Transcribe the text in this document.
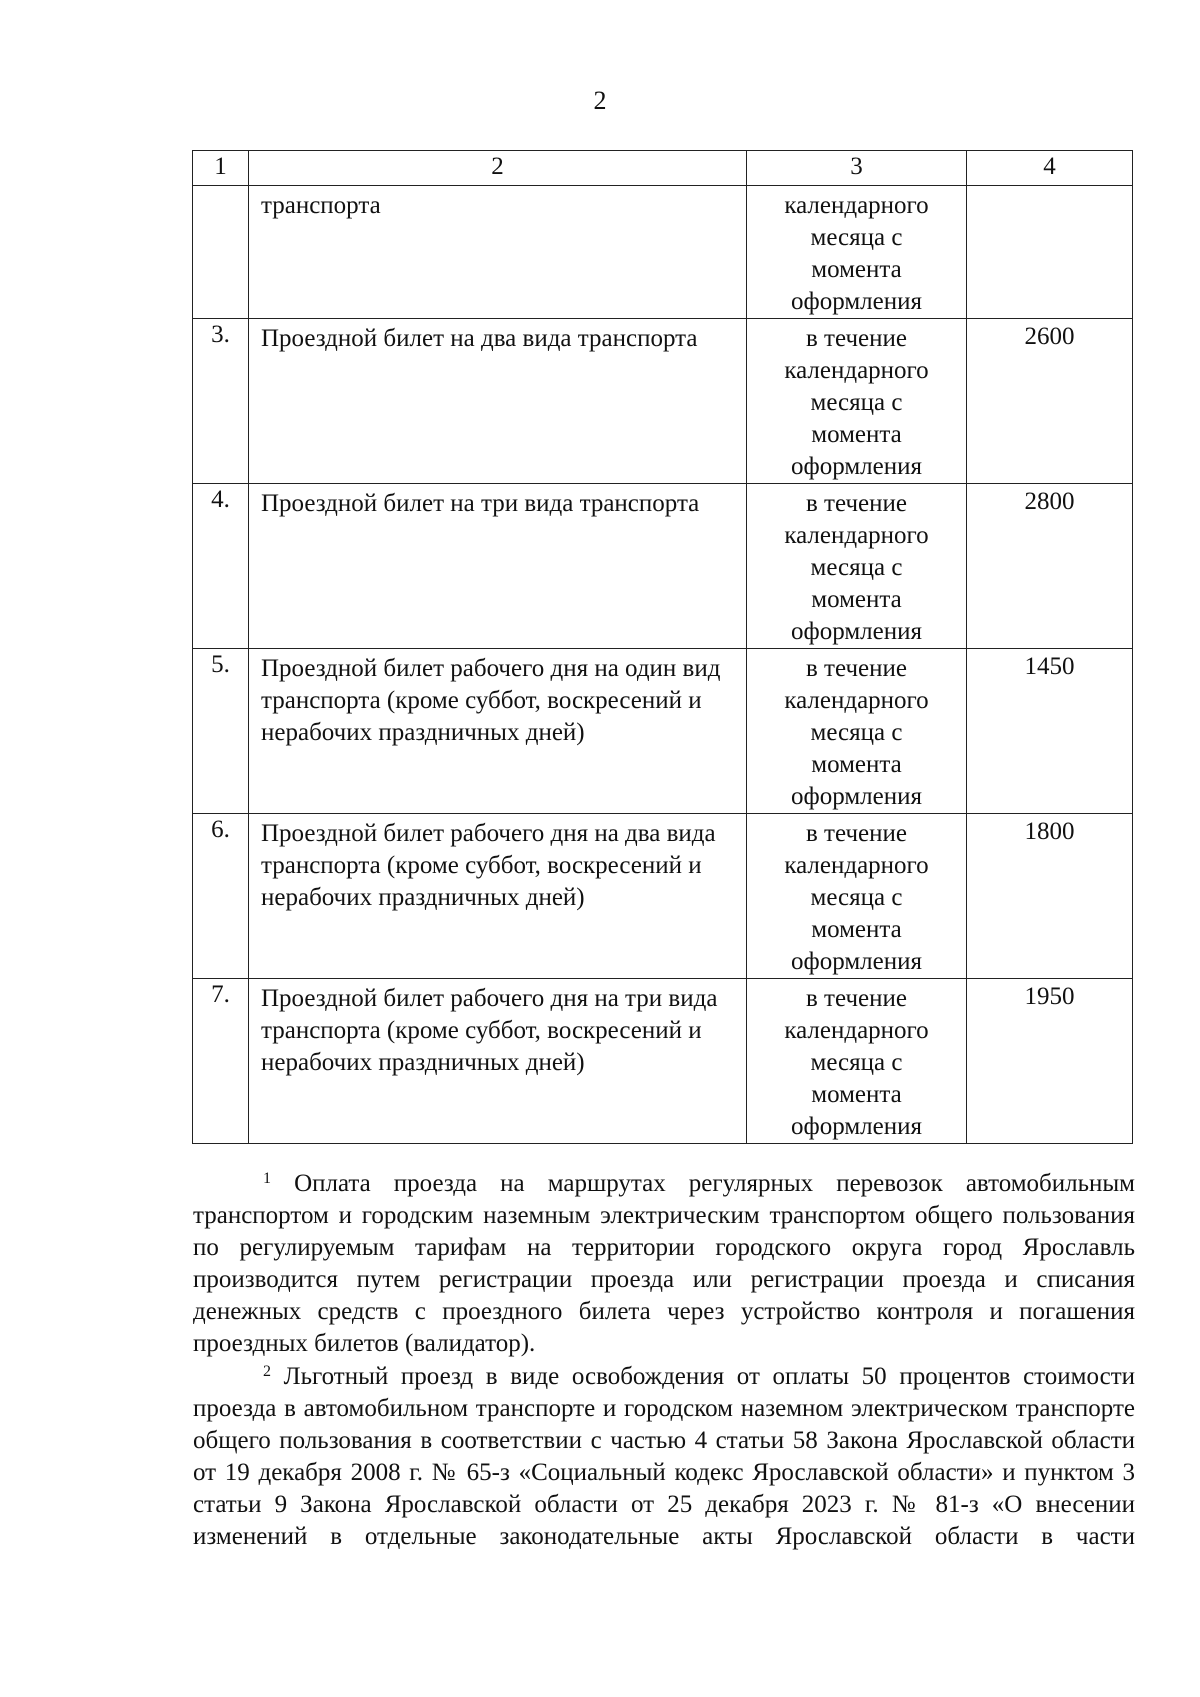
2
1	2	3	4
	транспорта	календарного
месяца с
момента
оформления	

3.	Проездной билет на два вида транспорта	в течение
календарного
месяца с
момента
оформления	2600
4.	Проездной билет на три вида транспорта	в течение
календарного
месяца с
момента
оформления	2800
5.	Проездной билет рабочего дня на один вид транспорта (кроме суббот, воскресений и нерабочих праздничных дней)	в течение
календарного
месяца с
момента
оформления	1450
6.	Проездной билет рабочего дня на два вида транспорта (кроме суббот, воскресений и нерабочих праздничных дней)	в течение
календарного
месяца с
момента
оформления	1800
7.	Проездной билет рабочего дня на три вида транспорта (кроме суббот, воскресений и нерабочих праздничных дней)	в течение
календарного
месяца с
момента
оформления	1950

$^1$ Оплата проезда на маршрутах регулярных перевозок автомобильным транспортом и городским наземным электрическим транспортом общего пользования по регулируемым тарифам на территории городского округа город Ярославль производится путем регистрации проезда или регистрации проезда и списания денежных средств с проездного билета через устройство контроля и погашения проездных билетов (валидатор).

$^2$ Льготный проезд в виде освобождения от оплаты 50 процентов стоимости проезда в автомобильном транспорте и городском наземном электрическом транспорте общего пользования в соответствии с частью 4 статьи 58 Закона Ярославской области от 19 декабря 2008 г. № 65-з «Социальный кодекс Ярославской области» и пунктом 3 статьи 9 Закона Ярославской области от 25 декабря 2023 г. № 81-з «О внесении изменений в отдельные законодательные акты Ярославской области в части
